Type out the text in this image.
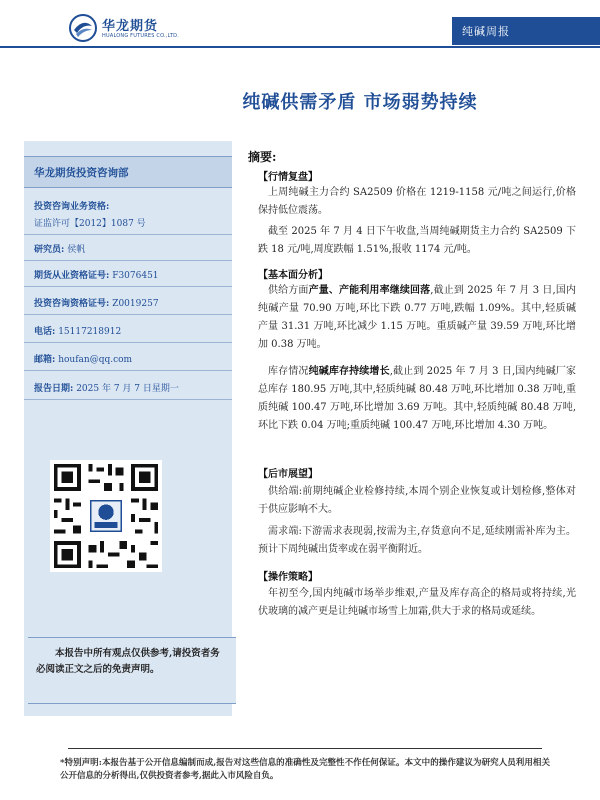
华龙期货
HUALONG FUTURES CO.,LTD.	纯碱周报
纯碱供需矛盾 市场弱势持续
华龙期货投资咨询部
投资咨询业务资格:
证监许可【2012】1087 号
研究员: 侯帆
期货从业资格证号: F3076451
投资咨询资格证号: Z0019257
电话: 15117218912
邮箱: houfan@qq.com
报告日期: 2025 年 7 月 7 日星期一
本报告中所有观点仅供参考,请投资者务必阅读正文之后的免责声明。
摘要:
【行情复盘】
上周纯碱主力合约 SA2509 价格在 1219-1158 元/吨之间运行,价格保持低位震荡。
截至 2025 年 7 月 4 日下午收盘,当周纯碱期货主力合约 SA2509 下跌 18 元/吨,周度跌幅 1.51%,报收 1174 元/吨。
【基本面分析】
供给方面产量、产能利用率继续回落,截止到 2025 年 7 月 3 日,国内纯碱产量 70.90 万吨,环比下跌 0.77 万吨,跌幅 1.09%。其中,轻质碱产量 31.31 万吨,环比减少 1.15 万吨。重质碱产量 39.59 万吨,环比增加 0.38 万吨。
库存情况纯碱库存持续增长,截止到 2025 年 7 月 3 日,国内纯碱厂家总库存 180.95 万吨,其中,轻质纯碱 80.48 万吨,环比增加 0.38 万吨,重质纯碱 100.47 万吨,环比增加 3.69 万吨。其中,轻质纯碱 80.48 万吨,环比下跌 0.04 万吨;重质纯碱 100.47 万吨,环比增加 4.30 万吨。
【后市展望】
供给端:前期纯碱企业检修持续,本周个别企业恢复或计划检修,整体对于供应影响不大。
需求端:下游需求表现弱,按需为主,存货意向不足,延续刚需补库为主。预计下周纯碱出货率或在弱平衡附近。
【操作策略】
年初至今,国内纯碱市场举步维艰,产量及库存高企的格局或将持续,光伏玻璃的减产更是让纯碱市场雪上加霜,供大于求的格局或延续。
*特别声明:本报告基于公开信息编制而成,报告对这些信息的准确性及完整性不作任何保证。本文中的操作建议为研究人员利用相关公开信息的分析得出,仅供投资者参考,据此入市风险自负。
